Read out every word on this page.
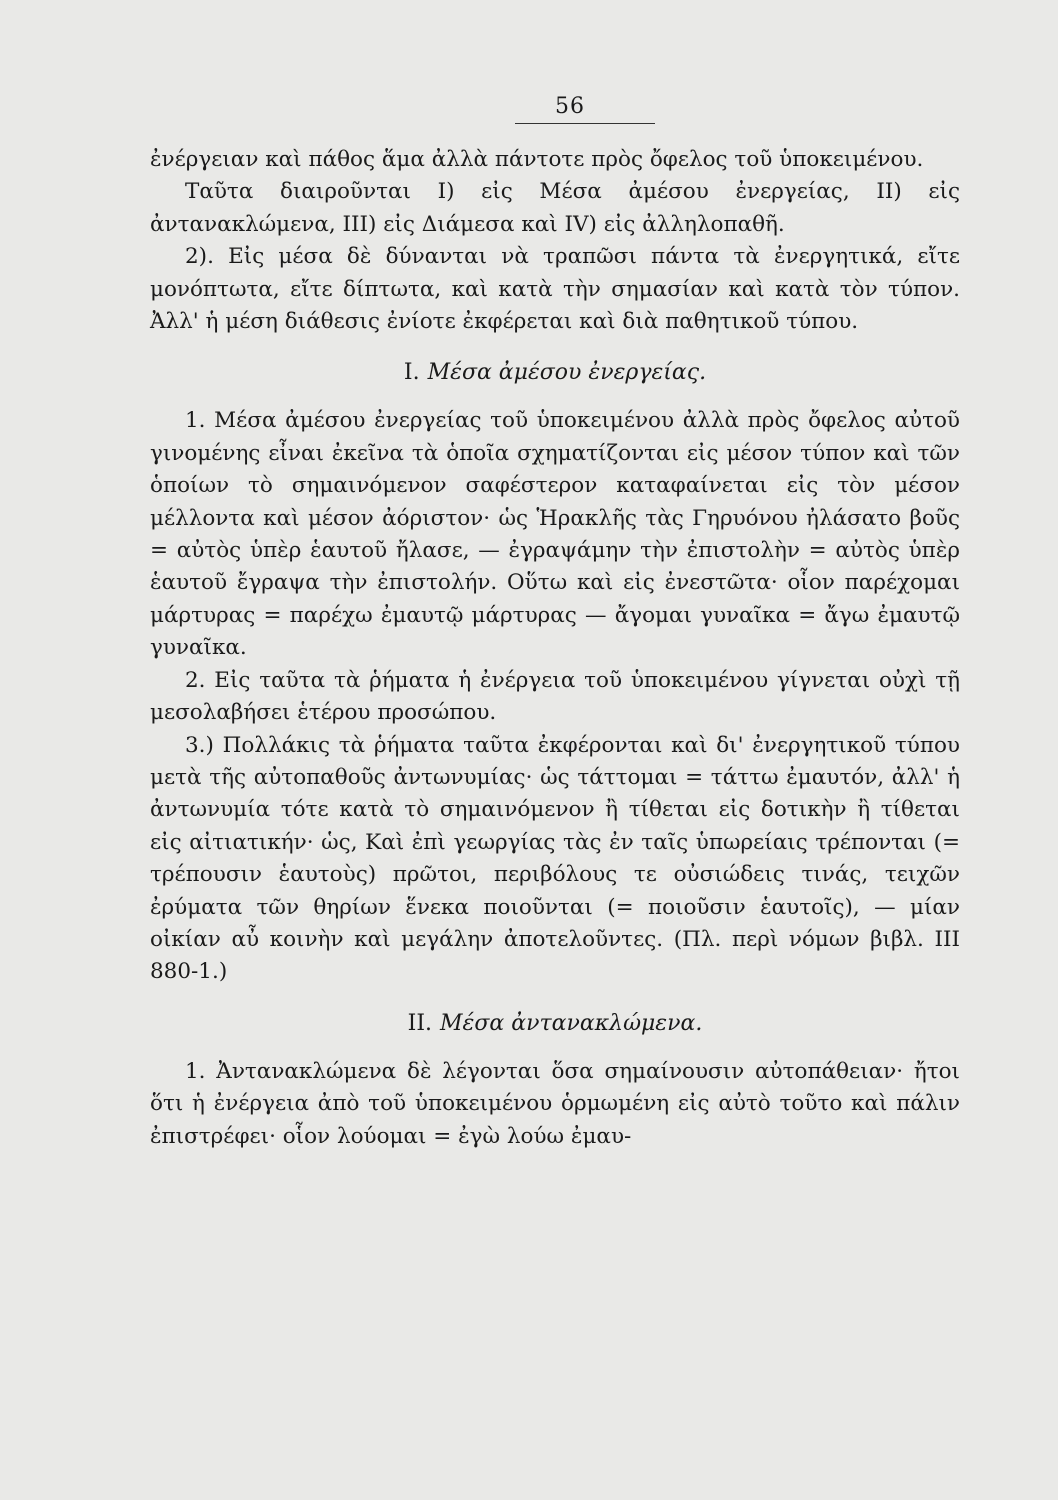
56

ἐνέργειαν καὶ πάθος ἅμα ἀλλὰ πάντοτε πρὸς ὄφελος τοῦ ὑποκειμένου.

Ταῦτα διαιροῦνται I) εἰς Μέσα ἀμέσου ἐνεργείας, II) εἰς ἀντανακλώμενα, III) εἰς Διάμεσα καὶ IV) εἰς ἀλληλοπαθῆ.

2). Εἰς μέσα δὲ δύνανται νὰ τραπῶσι πάντα τὰ ἐνεργητικά, εἴτε μονόπτωτα, εἴτε δίπτωτα, καὶ κατὰ τὴν σημασίαν καὶ κατὰ τὸν τύπον. Ἀλλ' ἡ μέση διάθεσις ἐνίοτε ἐκφέρεται καὶ διὰ παθητικοῦ τύπου.

I. Μέσα ἀμέσου ἐνεργείας.

1. Μέσα ἀμέσου ἐνεργείας τοῦ ὑποκειμένου ἀλλὰ πρὸς ὄφελος αὐτοῦ γινομένης εἶναι ἐκεῖνα τὰ ὁποῖα σχηματίζονται εἰς μέσον τύπον καὶ τῶν ὁποίων τὸ σημαινόμενον σαφέστερον καταφαίνεται εἰς τὸν μέσον μέλλοντα καὶ μέσον ἀόριστον· ὡς Ἡρακλῆς τὰς Γηρυόνου ἠλάσατο βοῦς = αὐτὸς ὑπὲρ ἑαυτοῦ ἤλασε, — ἐγραψάμην τὴν ἐπιστολὴν = αὐτὸς ὑπὲρ ἑαυτοῦ ἔγραψα τὴν ἐπιστολήν. Οὕτω καὶ εἰς ἐνεστῶτα· οἷον παρέχομαι μάρτυρας = παρέχω ἐμαυτῷ μάρτυρας — ἄγομαι γυναῖκα = ἄγω ἐμαυτῷ γυναῖκα.

2. Εἰς ταῦτα τὰ ῥήματα ἡ ἐνέργεια τοῦ ὑποκειμένου γίγνεται οὐχὶ τῇ μεσολαβήσει ἑτέρου προσώπου.

3.) Πολλάκις τὰ ῥήματα ταῦτα ἐκφέρονται καὶ δι' ἐνεργητικοῦ τύπου μετὰ τῆς αὐτοπαθοῦς ἀντωνυμίας· ὡς τάττομαι = τάττω ἐμαυτόν, ἀλλ' ἡ ἀντωνυμία τότε κατὰ τὸ σημαινόμενον ἢ τίθεται εἰς δοτικὴν ἢ τίθεται εἰς αἰτιατικήν· ὡς, Καὶ ἐπὶ γεωργίας τὰς ἐν ταῖς ὑπωρείαις τρέπονται (= τρέπουσιν ἑαυτοὺς) πρῶτοι, περιβόλους τε οὐσιώδεις τινάς, τειχῶν ἐρύματα τῶν θηρίων ἕνεκα ποιοῦνται (= ποιοῦσιν ἑαυτοῖς), — μίαν οἰκίαν αὖ κοινὴν καὶ μεγάλην ἀποτελοῦντες. (Πλ. περὶ νόμων βιβλ. III 880-1.)

II. Μέσα ἀντανακλώμενα.

1. Ἀντανακλώμενα δὲ λέγονται ὅσα σημαίνουσιν αὐτοπάθειαν· ἤτοι ὅτι ἡ ἐνέργεια ἀπὸ τοῦ ὑποκειμένου ὁρμωμένη εἰς αὐτὸ τοῦτο καὶ πάλιν ἐπιστρέφει· οἷον λούομαι = ἐγὼ λούω ἐμαυ-
